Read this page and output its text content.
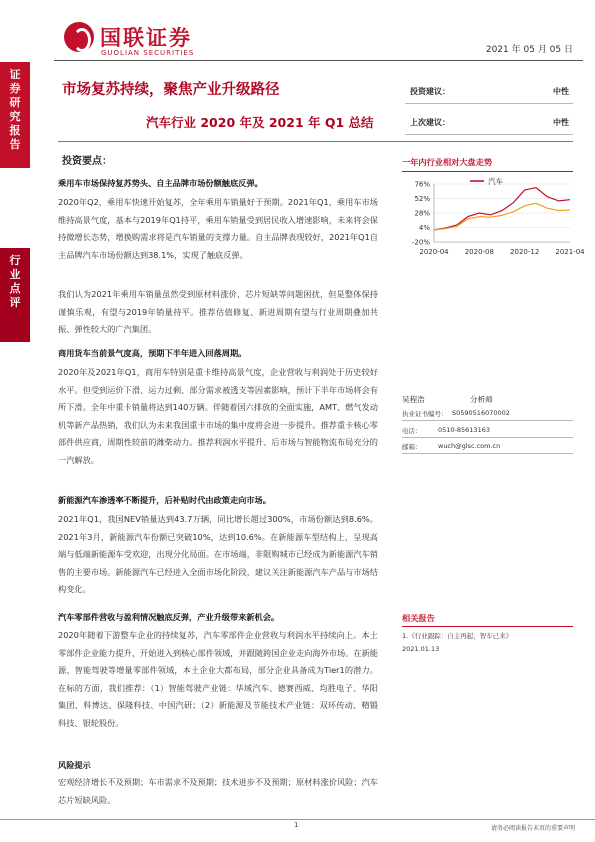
国联证券
GUOLIAN SECURITIES	2021 年 05 月 05 日
证
券
研
究
报
告
行
业
点
评
市场复苏持续，聚焦产业升级路径
汽车行业 2020 年及 2021 年 Q1 总结
投资建议：	中性
上次建议：	中性
投资要点：
乘用车市场保持复苏势头、自主品牌市场份额触底反弹。

2020年Q2，乘用车快速开始复苏，全年乘用车销量好于预期。2021年Q1，乘用车市场维持高景气度，基本与2019年Q1持平，乘用车销量受到居民收入增速影响，未来将会保持微增长态势，增换购需求将是汽车销量的支撑力量。自主品牌表现较好，2021年Q1自主品牌汽车市场份额达到38.1%，实现了触底反弹。

我们认为2021年乘用车销量虽然受到原材料涨价、芯片短缺等问题困扰，但是整体保持谨慎乐观，有望与2019年销量持平。推荐估值修复、新进周期有望与行业周期叠加共振、弹性较大的广汽集团。

商用货车当前景气度高，预期下半年进入回落周期。

2020年及2021年Q1，商用车特别是重卡维持高景气度，企业营收与利润处于历史较好水平。但受到运价下滑、运力过剩、部分需求被透支等因素影响，预计下半年市场将会有所下滑。全年中重卡销量将达到140万辆。伴随着国六排放的全面实施，AMT、燃气发动机等新产品热销，我们认为未来我国重卡市场的集中度将会进一步提升。推荐重卡核心零部件供应商，周期性较前的潍柴动力。推荐利润水平提升、后市场与智能物流布局充分的一汽解放。

新能源汽车渗透率不断提升，后补贴时代由政策走向市场。

2021年Q1，我国NEV销量达到43.7万辆，同比增长超过300%，市场份额达到8.6%。2021年3月，新能源汽车份额已突破10%，达到10.6%。在新能源车型结构上，呈现高端与低端新能源车受欢迎，出现分化局面。在市场端，非限购城市已经成为新能源汽车销售的主要市场。新能源汽车已经进入全面市场化阶段，建议关注新能源汽车产品与市场结构变化。

汽车零部件营收与盈利情况触底反弹，产业升级带来新机会。

2020年随着下游整车企业的持续复苏，汽车零部件企业营收与利润水平持续向上。本土零部件企业能力提升，开始进入到核心部件领域，并跟随跨国企业走向海外市场。在新能源、智能驾驶等增量零部件领域，本土企业大都布局，部分企业具备成为Tier1的潜力。在标的方面，我们推荐：（1）智能驾驶产业链：华域汽车、德赛西威、均胜电子、华阳集团、科博达、保隆科技、中国汽研；（2）新能源及节能技术产业链：双环传动、精锻科技、银轮股份。

风险提示

宏观经济增长不及预期；车市需求不及预期；技术进步不及预期；原材料涨价风险；汽车芯片短缺风险。

一年内行业相对大盘走势
76%
52%
28%
4%
-20%
2020-04 2020-08 2020-12 2021-04
汽车
吴程浩	分析师
执业证书编号： S0590516070002
电话：	0510-85613163
邮箱：	wuch@glsc.com.cn
相关报告
1.《行业跟踪：自主再起，智车已来》
2021.01.13
1	请务必阅读报告末页的重要声明
